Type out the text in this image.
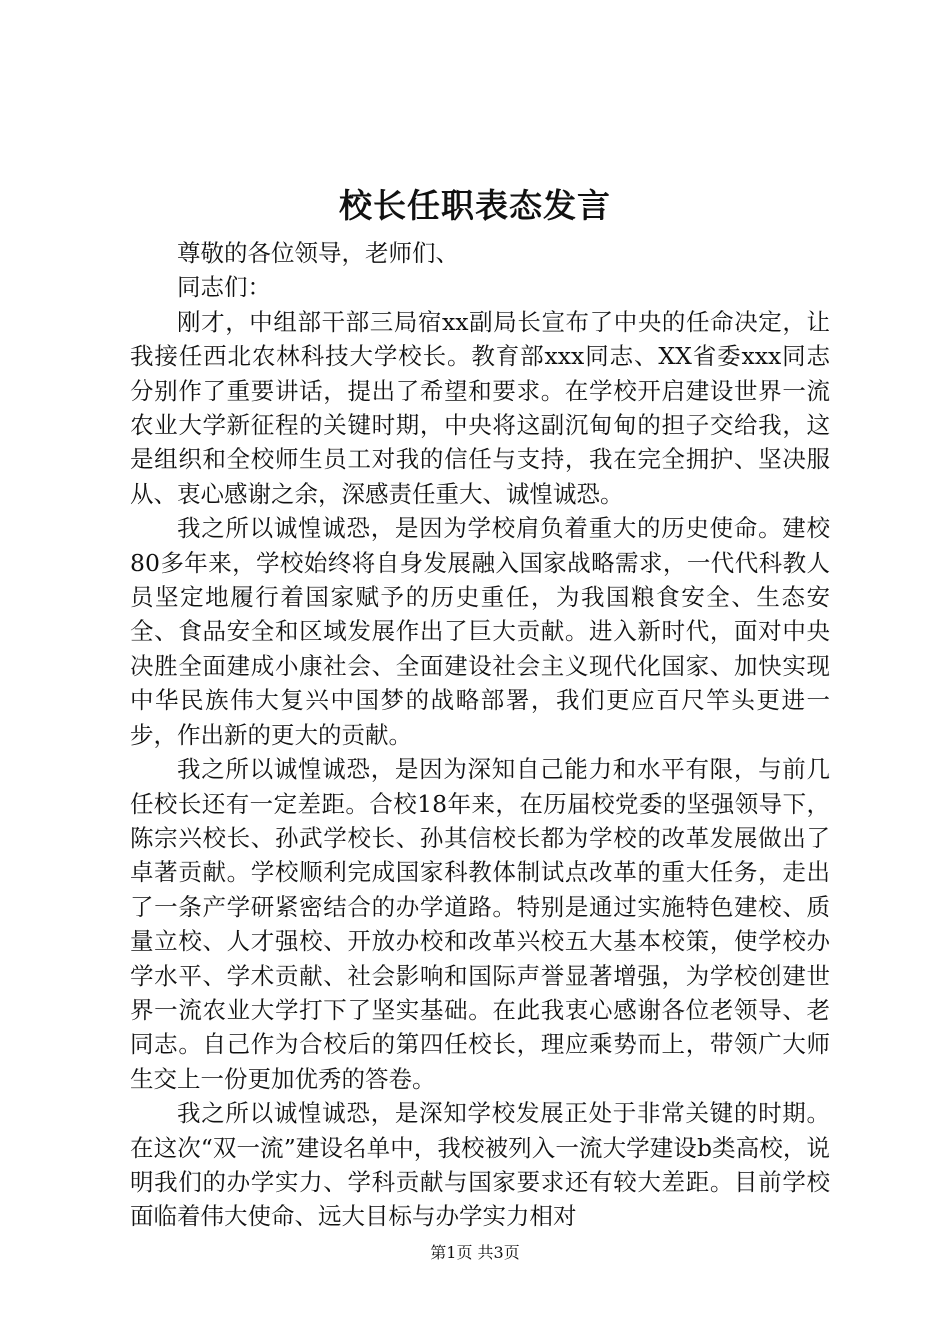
校长任职表态发言

尊敬的各位领导，老师们、

同志们：

刚才，中组部干部三局宿xx副局长宣布了中央的任命决定，让我接任西北农林科技大学校长。教育部xxx同志、XX省委xxx同志分别作了重要讲话，提出了希望和要求。在学校开启建设世界一流农业大学新征程的关键时期，中央将这副沉甸甸的担子交给我，这是组织和全校师生员工对我的信任与支持，我在完全拥护、坚决服从、衷心感谢之余，深感责任重大、诚惶诚恐。

我之所以诚惶诚恐，是因为学校肩负着重大的历史使命。建校80多年来，学校始终将自身发展融入国家战略需求，一代代科教人员坚定地履行着国家赋予的历史重任，为我国粮食安全、生态安全、食品安全和区域发展作出了巨大贡献。进入新时代，面对中央决胜全面建成小康社会、全面建设社会主义现代化国家、加快实现中华民族伟大复兴中国梦的战略部署，我们更应百尺竿头更进一步，作出新的更大的贡献。

我之所以诚惶诚恐，是因为深知自己能力和水平有限，与前几任校长还有一定差距。合校18年来，在历届校党委的坚强领导下，陈宗兴校长、孙武学校长、孙其信校长都为学校的改革发展做出了卓著贡献。学校顺利完成国家科教体制试点改革的重大任务，走出了一条产学研紧密结合的办学道路。特别是通过实施特色建校、质量立校、人才强校、开放办校和改革兴校五大基本校策，使学校办学水平、学术贡献、社会影响和国际声誉显著增强，为学校创建世界一流农业大学打下了坚实基础。在此我衷心感谢各位老领导、老同志。自己作为合校后的第四任校长，理应乘势而上，带领广大师生交上一份更加优秀的答卷。

我之所以诚惶诚恐，是深知学校发展正处于非常关键的时期。在这次“双一流”建设名单中，我校被列入一流大学建设b类高校，说明我们的办学实力、学科贡献与国家要求还有较大差距。目前学校面临着伟大使命、远大目标与办学实力相对

第1页 共3页
